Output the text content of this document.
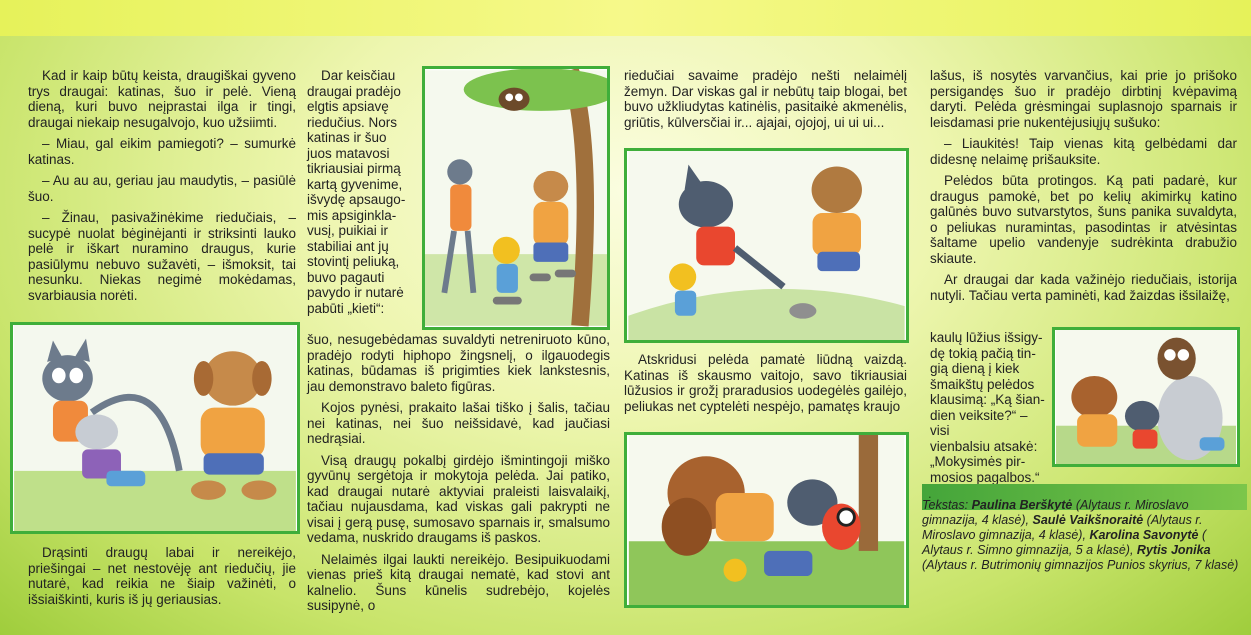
Kad ir kaip būtų keista, draugiškai gyveno trys draugai: katinas, šuo ir pelė. Vieną dieną, kuri buvo neįprastai ilga ir tingi, draugai niekaip nesugalvojo, kuo užsiimti.

– Miau, gal eikim pamiegoti? – sumurkė katinas.

– Au au au, geriau jau maudytis, – pasiūlė šuo.

– Žinau, pasivažinėkime riedučiais, – sucypė nuolat bėginėjanti ir striksinti lauko pelė ir iškart nuramino draugus, kurie pasiūlymu nebuvo sužavėti, – išmoksit, tai nesunku. Niekas negimė mokėdamas, svarbiausia norėti.

Drąsinti draugų labai ir nereikėjo, priešingai – net nestovėję ant riedučių, jie nutarė, kad reikia ne šiaip važinėti, o išsiaiškinti, kuris iš jų geriausias.

Dar keisčiau
draugai pradėjo
elgtis apsiavę
riedučius. Nors
katinas ir šuo
juos matavosi
tikriausiai pirmą
kartą gyvenime,
išvydę apsaugo-
mis apsiginkla-
vusį, puikiai ir
stabiliai ant jų
stovintį peliuką,
buvo pagauti
pavydo ir nutarė
pabūti „kieti“:

šuo, nesugebėdamas suvaldyti netreniruoto kūno, pradėjo rodyti hiphopo žingsnelį, o ilgauodegis katinas, būdamas iš prigimties kiek lankstesnis, jau demonstravo baleto figūras.

Kojos pynėsi, prakaito lašai tiško į šalis, tačiau nei katinas, nei šuo neišsidavė, kad jaučiasi nedrąsiai.

Visą draugų pokalbį girdėjo išmintingoji miško gyvūnų sergėtoja ir mokytoja pelėda. Jai patiko, kad draugai nutarė aktyviai praleisti laisvalaikį, tačiau nujausdama, kad viskas gali pakrypti ne visai į gerą pusę, sumosavo sparnais ir, smalsumo vedama, nuskrido draugams iš paskos.

Nelaimės ilgai laukti nereikėjo. Besipuikuodami vienas prieš kitą draugai nematė, kad stovi ant kalnelio. Šuns kūnelis sudrebėjo, kojelės susipynė, o

riedučiai savaime pradėjo nešti nelaimėlį žemyn. Dar viskas gal ir nebūtų taip blogai, bet buvo užkliudytas katinėlis, pasitaikė akmenėlis, griūtis, kūlversčiai ir... ajajai, ojojoj, ui ui ui...

Atskridusi pelėda pamatė liūdną vaizdą. Katinas iš skausmo vaitojo, savo tikriausiai lūžusios ir grožį praradusios uodegėlės gailėjo, peliukas net cyptelėti nespėjo, pamatęs kraujo

lašus, iš nosytės varvančius, kai prie jo prišoko persigandęs šuo ir pradėjo dirbtinį kvėpavimą daryti. Pelėda grėsmingai suplasnojo sparnais ir leisdamasi prie nukentėjusiųjų sušuko:

– Liaukitės! Taip vienas kitą gelbėdami dar didesnę nelaimę prišauksite.

Pelėdos būta protingos. Ką pati padarė, kur draugus pamokė, bet po kelių akimirkų katino galūnės buvo sutvarstytos, šuns panika suvaldyta, o peliukas nuramintas, pasodintas ir atvėsintas šaltame upelio vandenyje sudrėkinta drabužio skiaute.

Ar draugai dar kada važinėjo riedučiais, istorija nutyli. Tačiau verta paminėti, kad žaizdas išsilaižę,

kaulų lūžius išsigy-
dę tokią pačią tin-
gią dieną į kiek
šmaikštų pelėdos
klausimą: „Ką šian-
dien veiksite?“ – visi
vienbalsiu atsakė:
„Mokysimės pir-
mosios pagalbos.“
.
Tekstas: Paulina Berškytė (Alytaus r. Miroslavo gimnazija, 4 klasė), Saulė Vaikšnoraitė (Alytaus r. Miroslavo gimnazija, 4 klasė), Karolina Savonytė ( Alytaus r. Simno gimnazija, 5 a klasė), Rytis Jonika (Alytaus r. Butrimonių gimnazijos Punios skyrius, 7 klasė)
